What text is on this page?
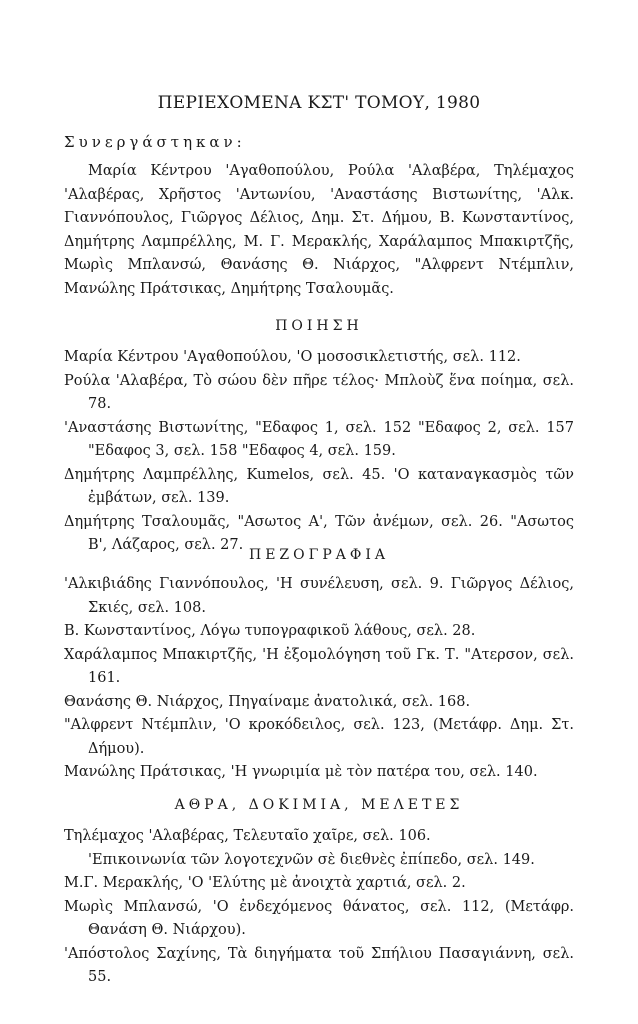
ΠΕΡΙΕΧΟΜΕΝΑ ΚΣΤ' ΤΟΜΟΥ, 1980
Συνεργάστηκαν:
Μαρία Κέντρου 'Αγαθοπούλου, Ρούλα 'Αλαβέρα, Τηλέμαχος 'Αλαβέρας, Χρῆστος 'Αντωνίου, 'Αναστάσης Βιστωνίτης, 'Αλκ. Γιαννόπουλος, Γιῶργος Δέλιος, Δημ. Στ. Δήμου, Β. Κωνσταντίνος, Δημήτρης Λαμπρέλλης, Μ. Γ. Μερακλής, Χαράλαμπος Μπακιρτζῆς, Μωρὶς Μπλανσώ, Θανάσης Θ. Νιάρχος, "Αλφρεντ Ντέμπλιν, Μανώλης Πράτσικας, Δημήτρης Τσαλουμᾶς.
ΠΟΙΗΣΗ
Μαρία Κέντρου 'Αγαθοπούλου, 'Ο μοσοσικλετιστής, σελ. 112.
Ρούλα 'Αλαβέρα, Τὸ σώου δὲν πῆρε τέλος· Μπλοὺζ ἕνα ποίημα, σελ. 78.
'Αναστάσης Βιστωνίτης, "Εδαφος 1, σελ. 152 "Εδαφος 2, σελ. 157 "Εδαφος 3, σελ. 158 "Εδαφος 4, σελ. 159.
Δημήτρης Λαμπρέλλης, Kumelos, σελ. 45. 'Ο καταναγκασμὸς τῶν ἐμβάτων, σελ. 139.
Δημήτρης Τσαλουμᾶς, "Ασωτος Α', Τῶν ἀνέμων, σελ. 26. "Ασωτος Β', Λάζαρος, σελ. 27.
ΠΕΖΟΓΡΑΦΙΑ
'Αλκιβιάδης Γιαννόπουλος, 'Η συνέλευση, σελ. 9. Γιῶργος Δέλιος, Σκιές, σελ. 108.
Β. Κωνσταντίνος, Λόγω τυπογραφικοῦ λάθους, σελ. 28.
Χαράλαμπος Μπακιρτζῆς, 'Η ἐξομολόγηση τοῦ Γκ. Τ. "Ατερσον, σελ. 161.
Θανάσης Θ. Νιάρχος, Πηγαίναμε ἀνατολικά, σελ. 168.
"Αλφρεντ Ντέμπλιν, 'Ο κροκόδειλος, σελ. 123, (Μετάφρ. Δημ. Στ. Δήμου).
Μανώλης Πράτσικας, 'Η γνωριμία μὲ τὸν πατέρα του, σελ. 140.
ΑΘΡΑ, ΔΟΚΙΜΙΑ, ΜΕΛΕΤΕΣ
Τηλέμαχος 'Αλαβέρας, Τελευταῖο χαῖρε, σελ. 106.
'Επικοινωνία τῶν λογοτεχνῶν σὲ διεθνὲς ἐπίπεδο, σελ. 149.
Μ.Γ. Μερακλής, 'Ο 'Ελύτης μὲ ἀνοιχτὰ χαρτιά, σελ. 2.
Μωρὶς Μπλανσώ, 'Ο ἐνδεχόμενος θάνατος, σελ. 112, (Μετάφρ. Θανάση Θ. Νιάρχου).
'Απόστολος Σαχίνης, Τὰ διηγήματα τοῦ Σπήλιου Πασαγιάννη, σελ. 55.
